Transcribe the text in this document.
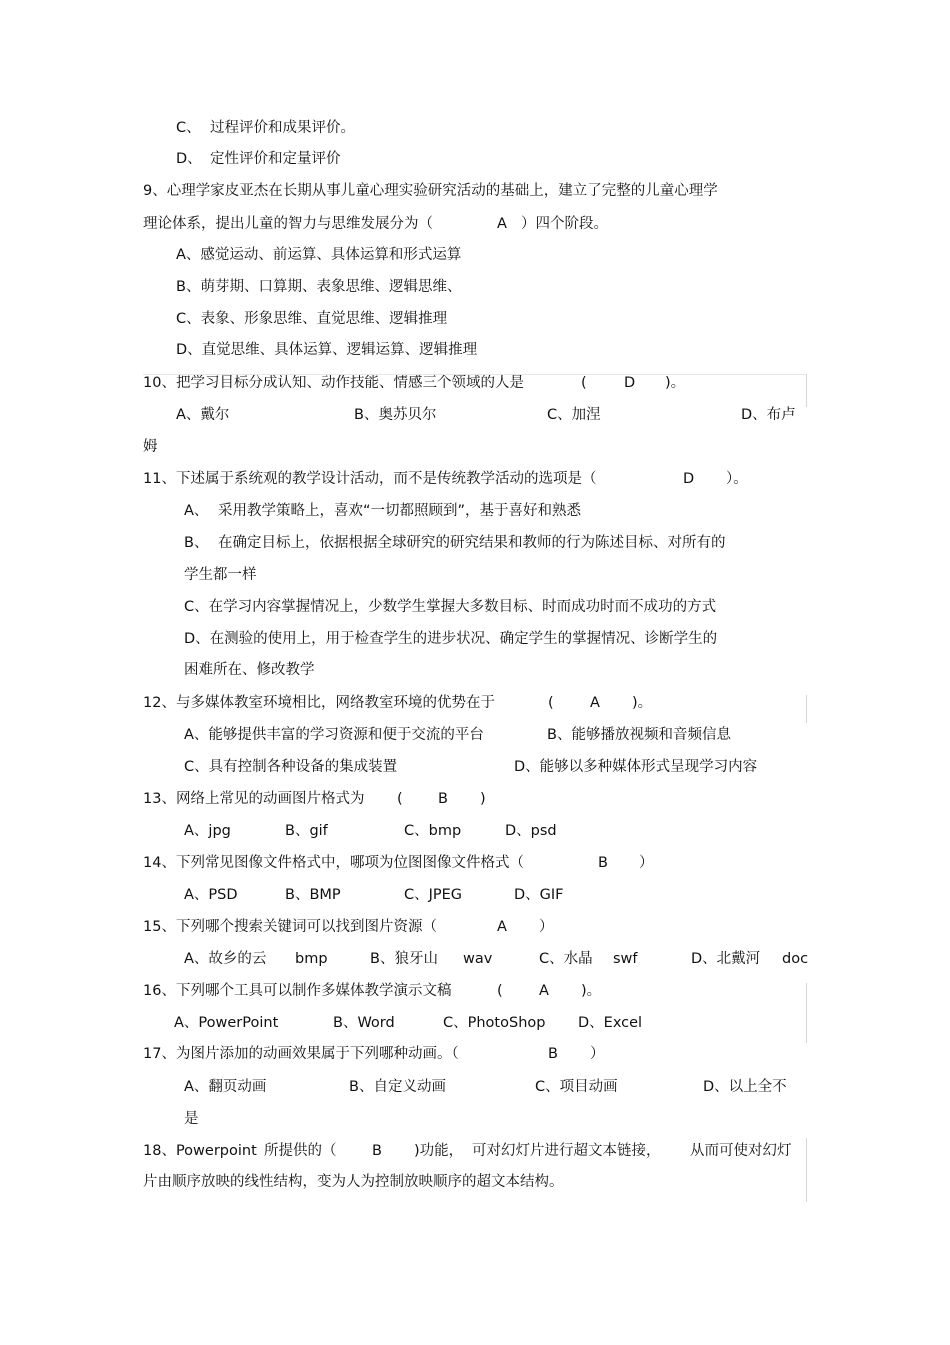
C、 过程评价和成果评价。
D、 定性评价和定量评价
9、心理学家皮亚杰在长期从事儿童心理实验研究活动的基础上，建立了完整的儿童心理学
理论体系，提出儿童的智力与思维发展分为（	A ）四个阶段。
A、感觉运动、前运算、具体运算和形式运算
B、萌芽期、口算期、表象思维、逻辑思维、
C、表象、形象思维、直觉思维、逻辑推理
D、直觉思维、具体运算、逻辑运算、逻辑推理
10、把学习目标分成认知、动作技能、情感三个领域的人是	(	D )。
A、戴尔	B、奥苏贝尔	C、加涅	D、布卢
姆
11、下述属于系统观的教学设计活动，而不是传统教学活动的选项是（	D ）。
A、 采用教学策略上，喜欢“一切都照顾到”，基于喜好和熟悉
B、 在确定目标上，依据根据全球研究的研究结果和教师的行为陈述目标、对所有的
学生都一样
C、在学习内容掌握情况上，少数学生掌握大多数目标、时而成功时而不成功的方式
D、在测验的使用上，用于检查学生的进步状况、确定学生的掌握情况、诊断学生的
困难所在、修改教学
12、与多媒体教室环境相比，网络教室环境的优势在于	(	A )。
A、能够提供丰富的学习资源和便于交流的平台	B、能够播放视频和音频信息
C、具有控制各种设备的集成装置	D、能够以多种媒体形式呈现学习内容
13、网络上常见的动画图片格式为 ( B )
A、jpg	B、gif	C、bmp	D、psd
14、下列常见图像文件格式中，哪项为位图图像文件格式（	B ）
A、PSD	B、BMP	C、JPEG	D、GIF
15、下列哪个搜索关键词可以找到图片资源（	A ）
A、故乡的云 bmp	B、狼牙山 wav	C、水晶 swf	D、北戴河 doc
16、下列哪个工具可以制作多媒体教学演示文稿	(	A )。
A、PowerPoint	B、Word	C、PhotoShop D、Excel
17、为图片添加的动画效果属于下列哪种动画。（	B ）
A、翻页动画	B、自定义动画	C、项目动画	D、以上全不
是
18、Powerpoint 所提供的（ B )功能， 可对幻灯片进行超文本链接， 从而可使对幻灯
片由顺序放映的线性结构，变为人为控制放映顺序的超文本结构。
